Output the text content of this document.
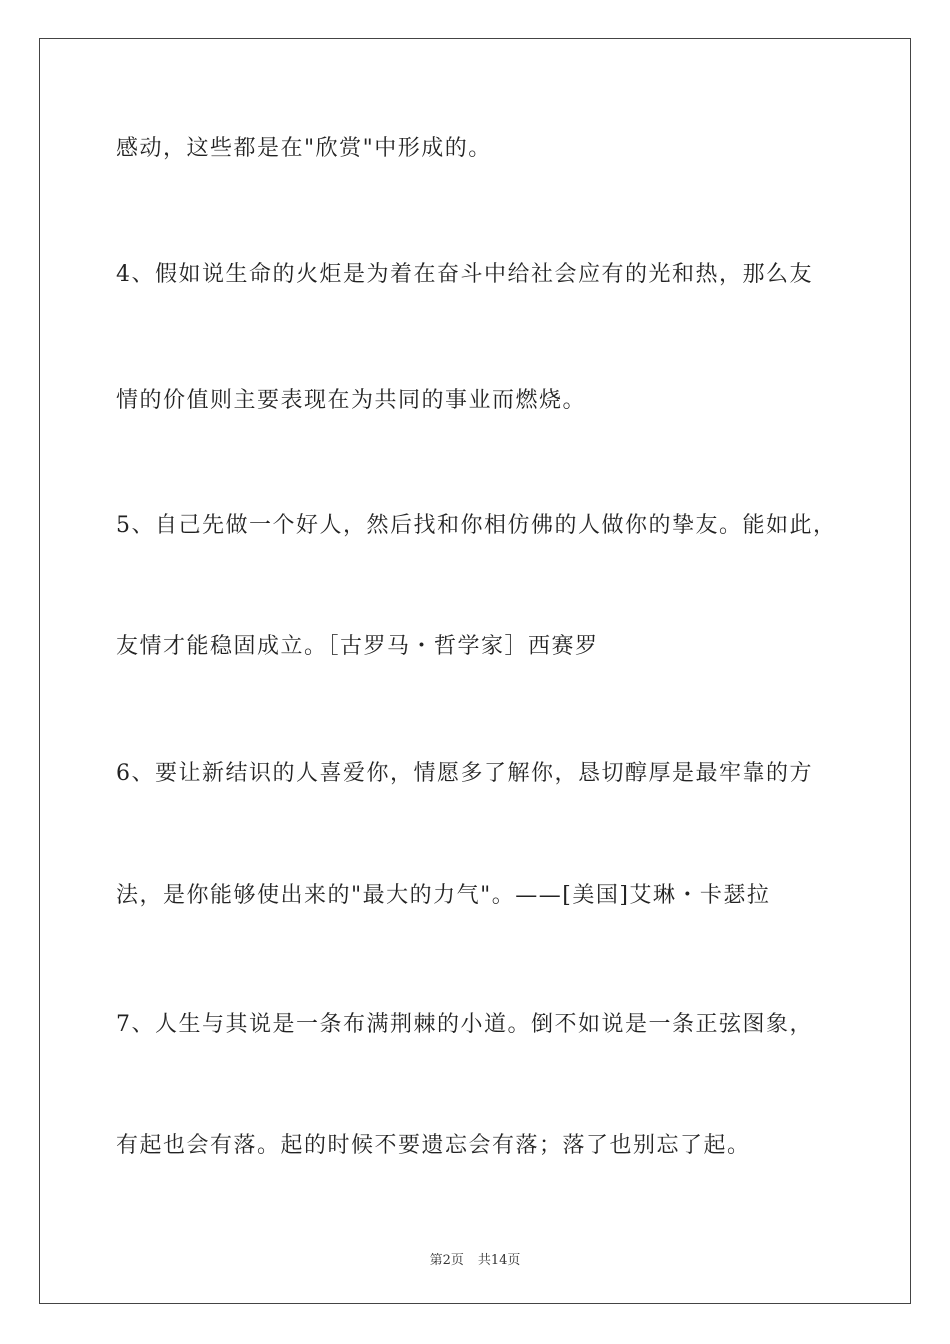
感动，这些都是在"欣赏"中形成的。
4、假如说生命的火炬是为着在奋斗中给社会应有的光和热，那么友
情的价值则主要表现在为共同的事业而燃烧。
5、自己先做一个好人，然后找和你相仿佛的人做你的挚友。能如此，
友情才能稳固成立。［古罗马・哲学家］西赛罗
6、要让新结识的人喜爱你，情愿多了解你，恳切醇厚是最牢靠的方
法，是你能够使出来的"最大的力气"。——[美国]艾琳・卡瑟拉
7、人生与其说是一条布满荆棘的小道。倒不如说是一条正弦图象，
有起也会有落。起的时候不要遗忘会有落；落了也别忘了起。
第2页 共14页
